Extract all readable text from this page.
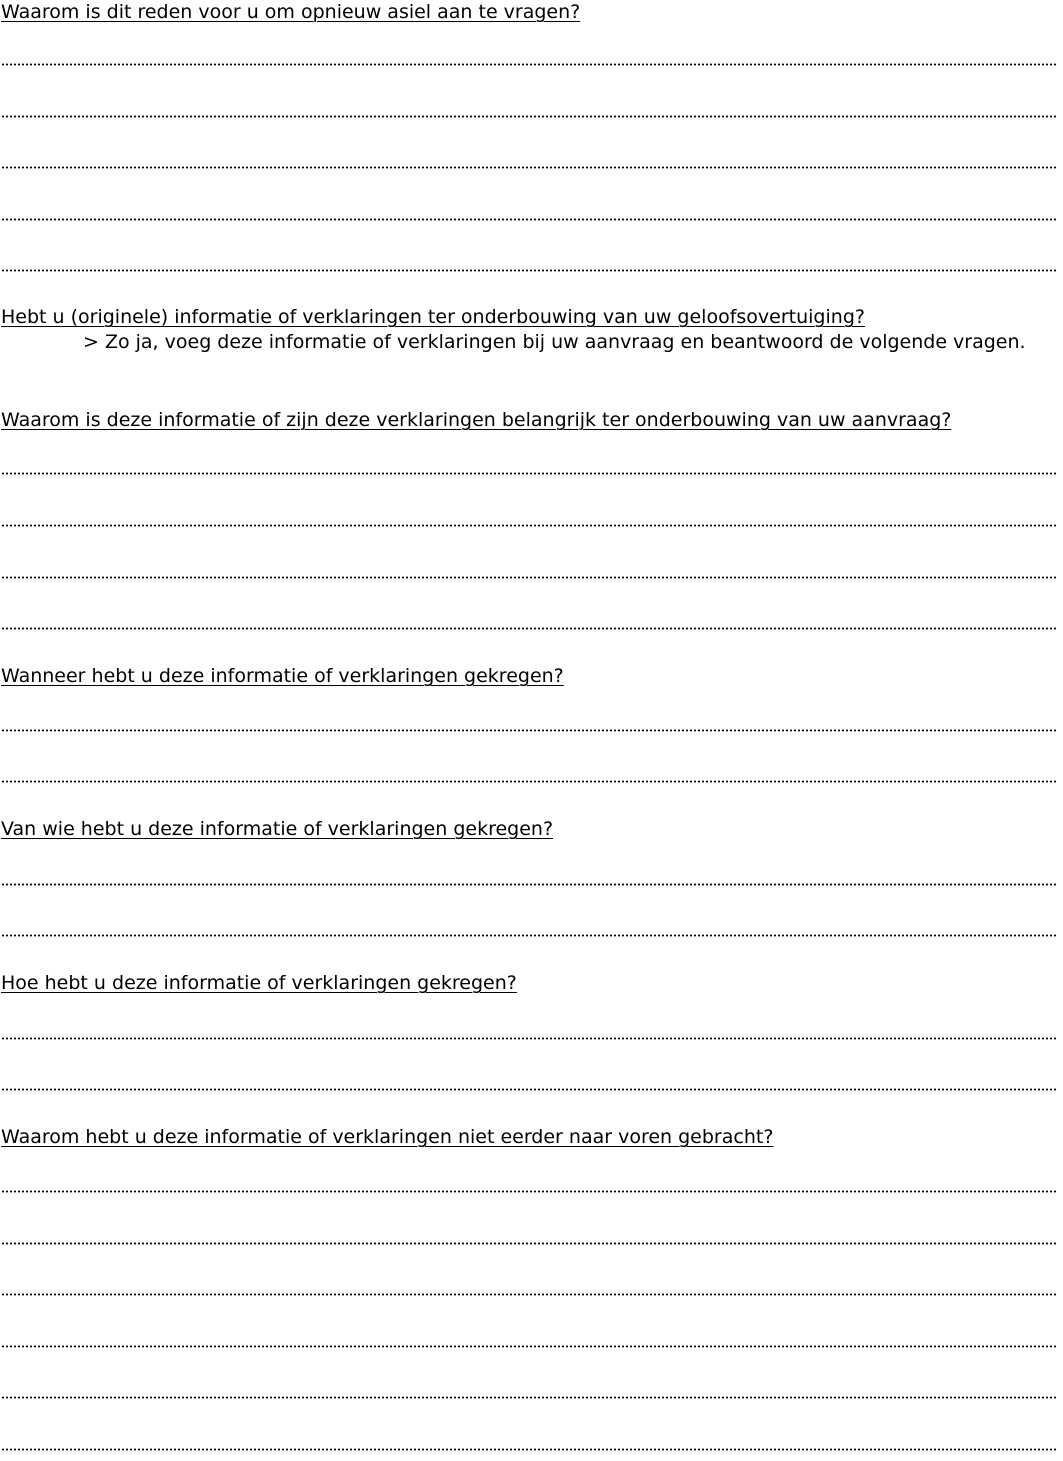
Waarom is dit reden voor u om opnieuw asiel aan te vragen?

Hebt u (originele) informatie of verklaringen ter onderbouwing van uw geloofsovertuiging?

> Zo ja, voeg deze informatie of verklaringen bij uw aanvraag en beantwoord de volgende vragen.

Waarom is deze informatie of zijn deze verklaringen belangrijk ter onderbouwing van uw aanvraag?

Wanneer hebt u deze informatie of verklaringen gekregen?

Van wie hebt u deze informatie of verklaringen gekregen?

Hoe hebt u deze informatie of verklaringen gekregen?

Waarom hebt u deze informatie of verklaringen niet eerder naar voren gebracht?
